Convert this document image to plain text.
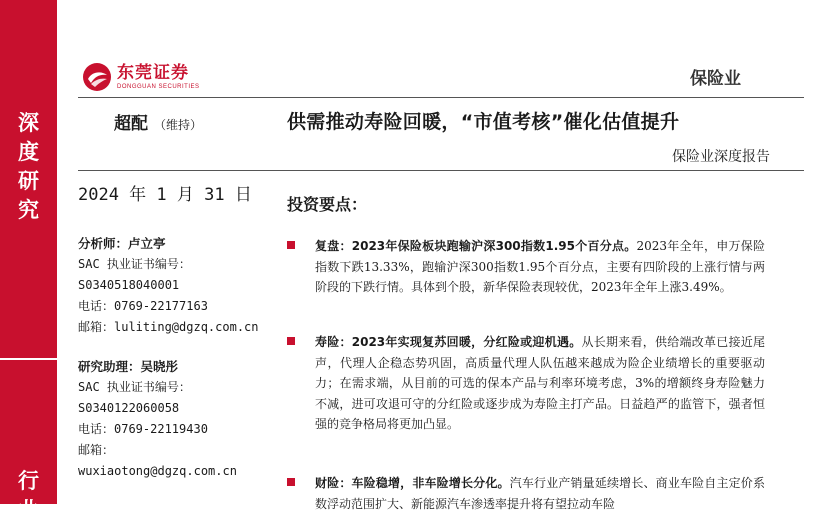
深
度
研
究
行
业
东莞证券
DONGGUAN SECURITIES	保险业
超配 （维持）	供需推动寿险回暖，“市值考核”催化估值提升
保险业深度报告
2024 年 1 月 31 日
分析师：卢立亭
SAC 执业证书编号：
S0340518040001
电话：0769-22177163
邮箱：luliting@dgzq.com.cn
研究助理：吴晓彤
SAC 执业证书编号：
S0340122060058
电话：0769-22119430
邮箱：
wuxiaotong@dgzq.com.cn
投资要点：

复盘：2023年保险板块跑输沪深300指数1.95个百分点。2023年全年，申万保险指数下跌13.33%，跑输沪深300指数1.95个百分点，主要有四阶段的上涨行情与两阶段的下跌行情。具体到个股，新华保险表现较优，2023年全年上涨3.49%。

寿险：2023年实现复苏回暖，分红险或迎机遇。从长期来看，供给端改革已接近尾声，代理人企稳态势巩固，高质量代理人队伍越来越成为险企业绩增长的重要驱动力；在需求端，从目前的可选的保本产品与利率环境考虑，3%的增额终身寿险魅力不减，进可攻退可守的分红险或逐步成为寿险主打产品。日益趋严的监管下，强者恒强的竞争格局将更加凸显。

财险：车险稳增，非车险增长分化。汽车行业产销量延续增长、商业车险自主定价系数浮动范围扩大、新能源汽车渗透率提升将有望拉动车险
